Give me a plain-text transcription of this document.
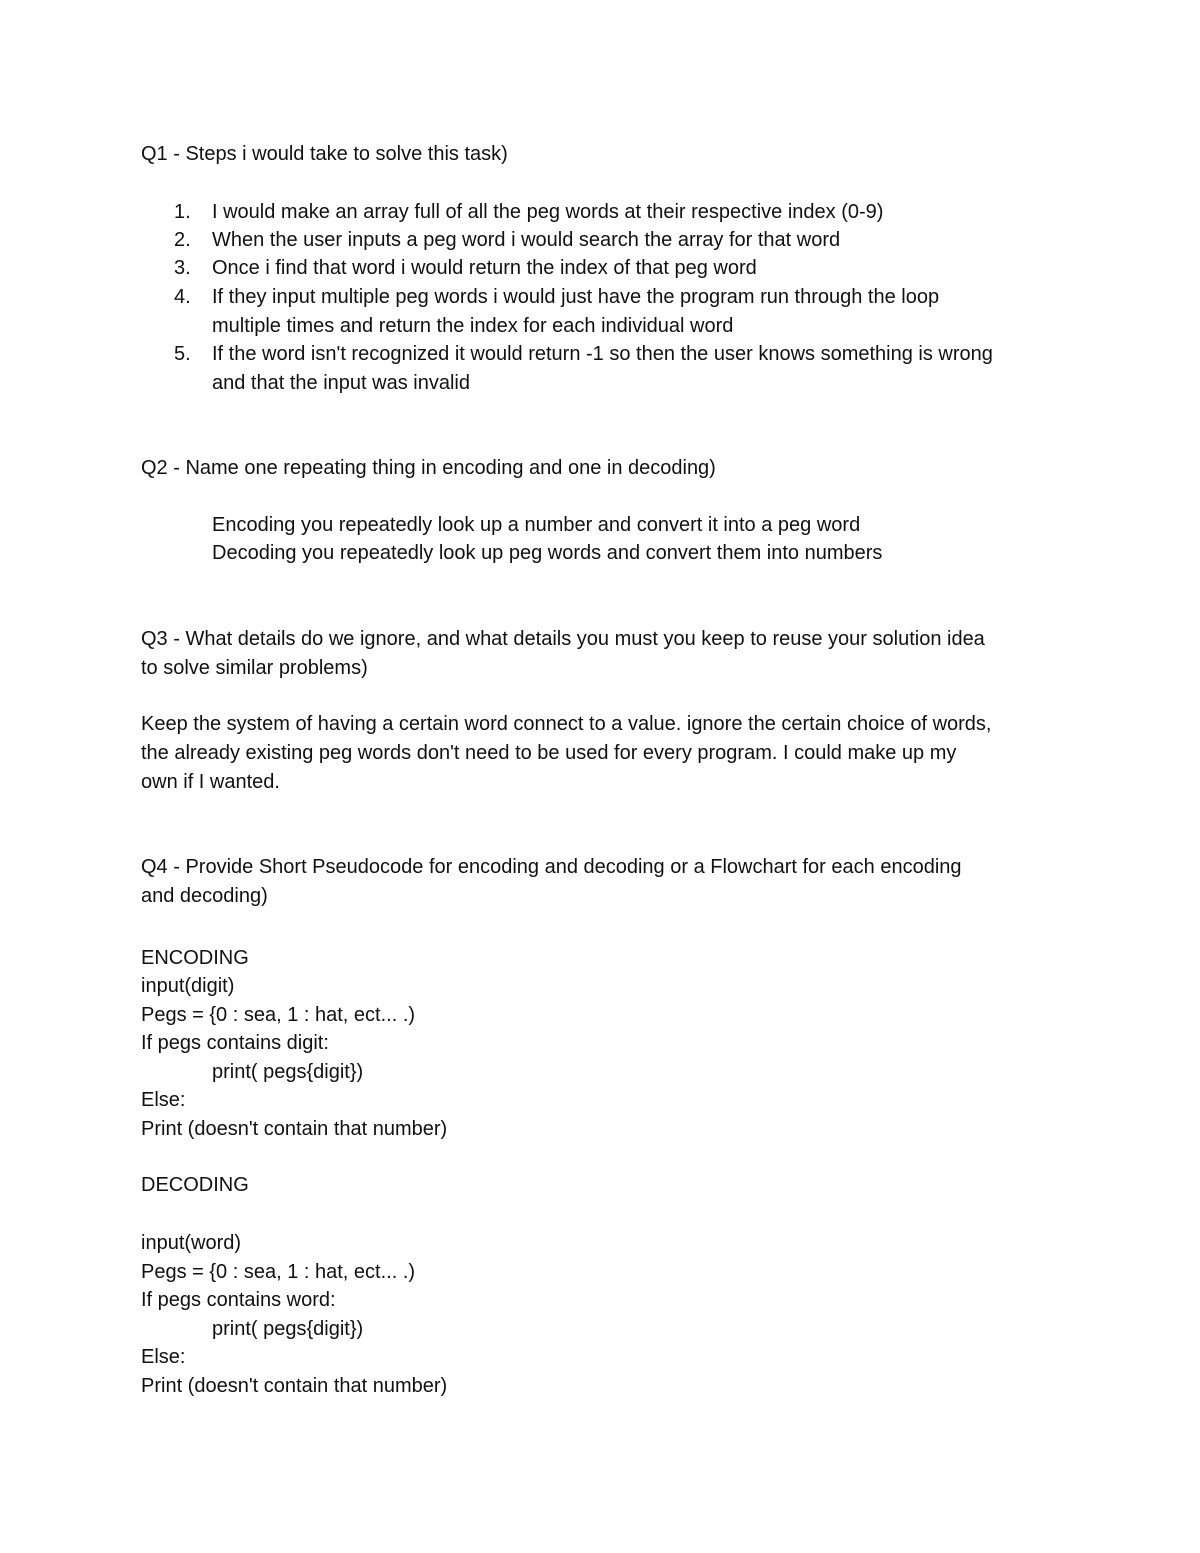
Q1 - Steps i would take to solve this task)
1. I would make an array full of all the peg words at their respective index (0-9)
2. When the user inputs a peg word i would search the array for that word
3. Once i find that word i would return the index of that peg word
4. If they input multiple peg words i would just have the program run through the loop
multiple times and return the index for each individual word
5. If the word isn't recognized it would return -1 so then the user knows something is wrong
and that the input was invalid
Q2 - Name one repeating thing in encoding and one in decoding)
Encoding you repeatedly look up a number and convert it into a peg word
Decoding you repeatedly look up peg words and convert them into numbers
Q3 - What details do we ignore, and what details you must you keep to reuse your solution idea
to solve similar problems)
Keep the system of having a certain word connect to a value. ignore the certain choice of words,
the already existing peg words don't need to be used for every program. I could make up my
own if I wanted.
Q4 - Provide Short Pseudocode for encoding and decoding or a Flowchart for each encoding
and decoding)
ENCODING
input(digit)
Pegs = {0 : sea, 1 : hat, ect... .)
If pegs contains digit:
print( pegs{digit})
Else:
Print (doesn't contain that number)
DECODING
input(word)
Pegs = {0 : sea, 1 : hat, ect... .)
If pegs contains word:
print( pegs{digit})
Else:
Print (doesn't contain that number)
